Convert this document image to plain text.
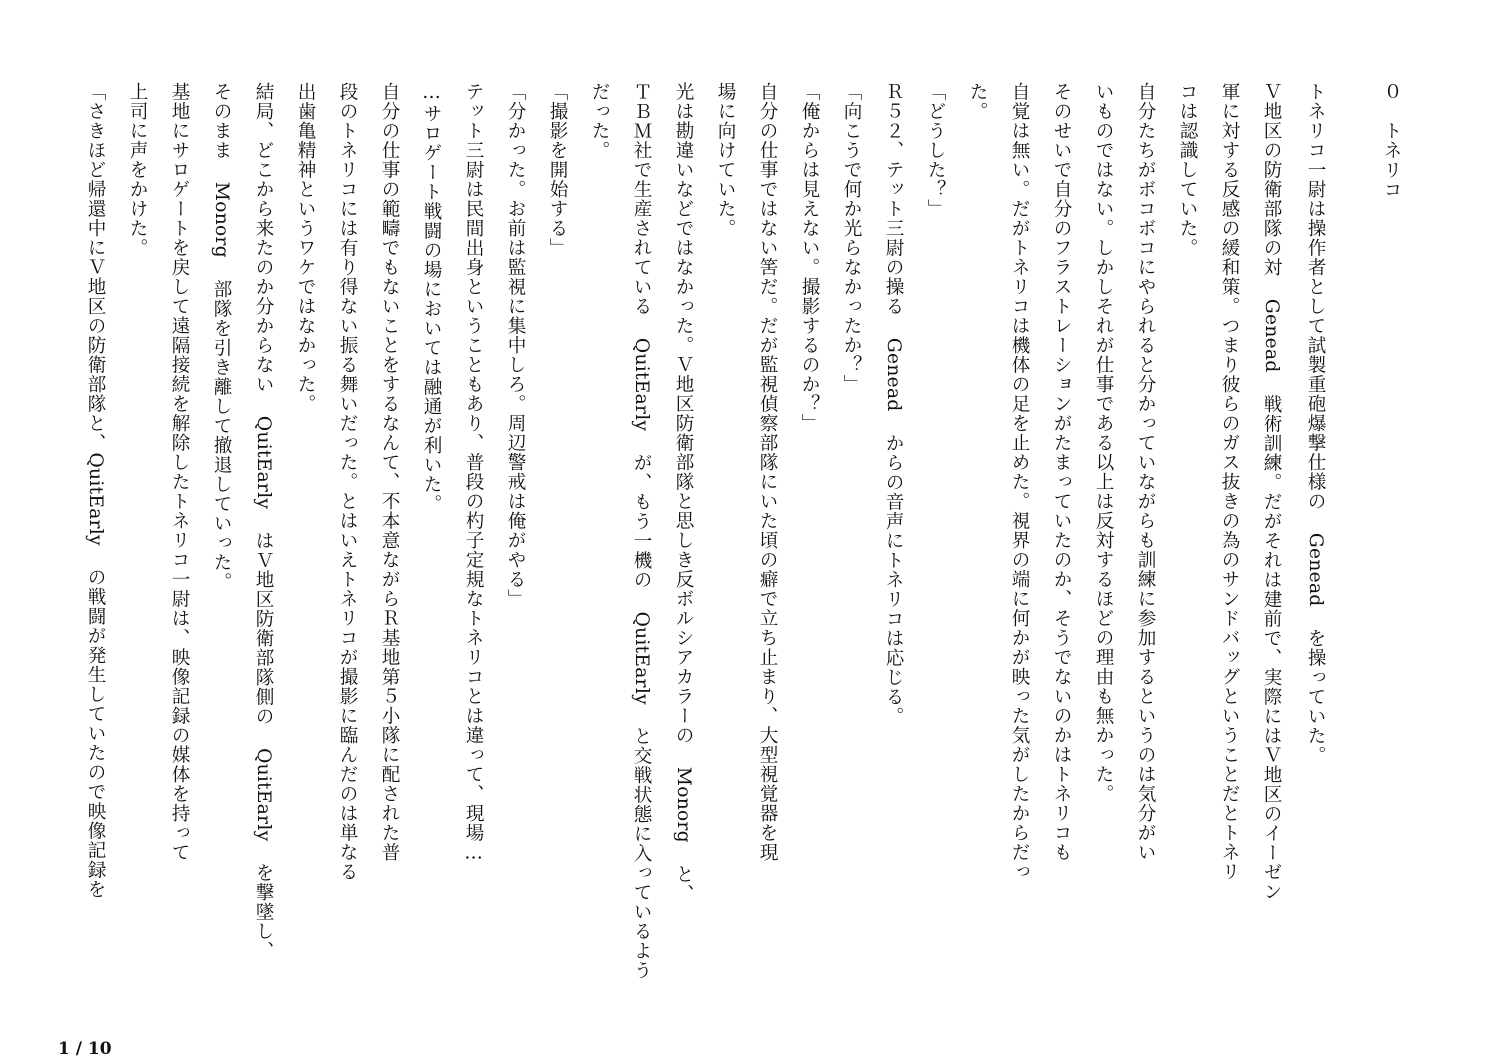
０　トネリコ
トネリコ一尉は操作者として試製重砲爆撃仕様の Genead を操っていた。
Ｖ地区の防衛部隊の対 Genead 戦術訓練。だがそれは建前で、実際にはＶ地区のイーゼン
軍に対する反感の緩和策。つまり彼らのガス抜きの為のサンドバッグということだとトネリ
コは認識していた。
自分たちがボコボコにやられると分かっていながらも訓練に参加するというのは気分がい
いものではない。しかしそれが仕事である以上は反対するほどの理由も無かった。
そのせいで自分のフラストレーションがたまっていたのか、そうでないのかはトネリコも
自覚は無い。だがトネリコは機体の足を止めた。視界の端に何かが映った気がしたからだっ
た。
「どうした？」
Ｒ５２、テット三尉の操る Genead からの音声にトネリコは応じる。
「向こうで何か光らなかったか？」
「俺からは見えない。撮影するのか？」
自分の仕事ではない筈だ。だが監視偵察部隊にいた頃の癖で立ち止まり、大型視覚器を現
場に向けていた。
光は勘違いなどではなかった。Ｖ地区防衛部隊と思しき反ボルシアカラーの Monorg と、
ＴＢＭ社で生産されている QuitEarly が、もう一機の QuitEarly と交戦状態に入っているよう
だった。
「撮影を開始する」
「分かった。お前は監視に集中しろ。周辺警戒は俺がやる」
テット三尉は民間出身ということもあり、普段の杓子定規なトネリコとは違って、現場…
…サロゲート戦闘の場においては融通が利いた。
自分の仕事の範疇でもないことをするなんて、不本意ながらＲ基地第５小隊に配された普
段のトネリコには有り得ない振る舞いだった。とはいえトネリコが撮影に臨んだのは単なる
出歯亀精神というワケではなかった。
結局、どこから来たのか分からない QuitEarly はＶ地区防衛部隊側の QuitEarly を撃墜し、
そのまま Monorg 部隊を引き離して撤退していった。
基地にサロゲートを戻して遠隔接続を解除したトネリコ一尉は、映像記録の媒体を持って
上司に声をかけた。
「さきほど帰還中にＶ地区の防衛部隊と、QuitEarly の戦闘が発生していたので映像記録を
1 / 10
